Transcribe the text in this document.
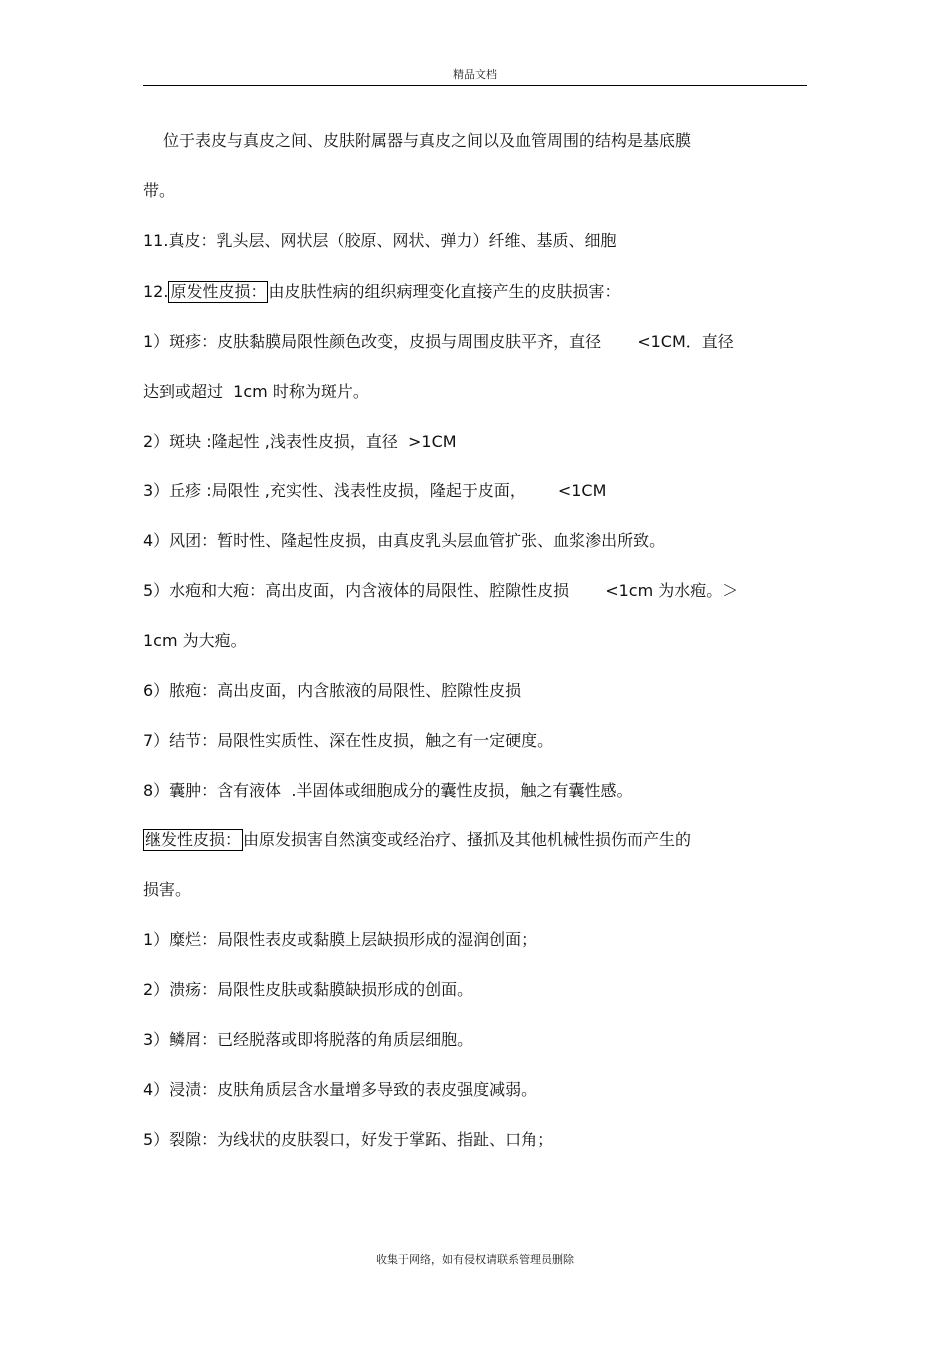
精品文档
位于表皮与真皮之间、皮肤附属器与真皮之间以及血管周围的结构是基底膜
带。
11.真皮：乳头层、网状层（胶原、网状、弹力）纤维、基质、细胞
12. 原发性皮损： 由皮肤性病的组织病理变化直接产生的皮肤损害：
1）斑疹：皮肤黏膜局限性颜色改变，皮损与周围皮肤平齐，直径 <1CM．直径
达到或超过  1cm 时称为斑片。
2）斑块 :隆起性 ,浅表性皮损，直径  >1CM
3）丘疹 :局限性 ,充实性、浅表性皮损，隆起于皮面， <1CM
4）风团：暂时性、隆起性皮损，由真皮乳头层血管扩张、血浆渗出所致。
5）水疱和大疱：高出皮面，内含液体的局限性、腔隙性皮损 <1cm 为水疱。＞
1cm 为大疱。
6）脓疱：高出皮面，内含脓液的局限性、腔隙性皮损
7）结节：局限性实质性、深在性皮损，触之有一定硬度。
8）囊肿：含有液体  .半固体或细胞成分的囊性皮损，触之有囊性感。
继发性皮损： 由原发损害自然演变或经治疗、搔抓及其他机械性损伤而产生的
损害。
1）糜烂：局限性表皮或黏膜上层缺损形成的湿润创面；
2）溃疡：局限性皮肤或黏膜缺损形成的创面。
3）鳞屑：已经脱落或即将脱落的角质层细胞。
4）浸渍：皮肤角质层含水量增多导致的表皮强度减弱。
5）裂隙：为线状的皮肤裂口，好发于掌跖、指趾、口角；
收集于网络，如有侵权请联系管理员删除
